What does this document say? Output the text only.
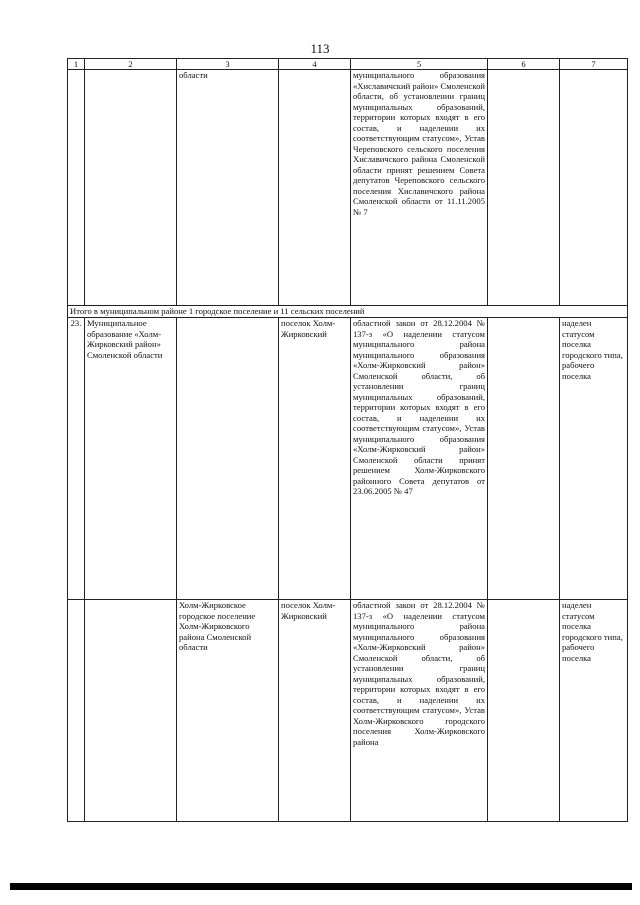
113
1	2	3	4	5	6	7
		области		муниципального образования «Хиславичский район» Смоленской области, об установлении границ муниципальных образований, территории которых входят в его состав, и наделении их соответствующим статусом», Устав Череповского сельского поселения Хиславичского района Смоленской области принят решением Совета депутатов Череповского сельского поселения Хиславичского района Смоленской области от 11.11.2005 № 7		
Итого в муниципальном районе 1 городское поселение и 11 сельских поселений						
23.	Муниципальное образование «Холм-Жирковский район» Смоленской области		поселок Холм-Жирковский	областной закон от 28.12.2004 № 137-з «О наделении статусом муниципального района муниципального образования «Холм-Жирковский район» Смоленской области, об установлении границ муниципальных образований, территории которых входят в его состав, и наделении их соответствующим статусом», Устав муниципального образования «Холм-Жирковский район» Смоленской области принят решением Холм-Жирковского районного Совета депутатов от 23.06.2005 № 47		наделен статусом поселка городского типа, рабочего поселка
		Холм-Жирковское городское поселение Холм-Жирковского района Смоленской области	поселок Холм-Жирковский	областной закон от 28.12.2004 № 137-з «О наделении статусом муниципального района муниципального образования «Холм-Жирковский район» Смоленской области, об установлении границ муниципальных образований, территории которых входят в его состав, и наделении их соответствующим статусом», Устав Холм-Жирковского городского поселения Холм-Жирковского района		наделен статусом поселка городского типа, рабочего поселка
